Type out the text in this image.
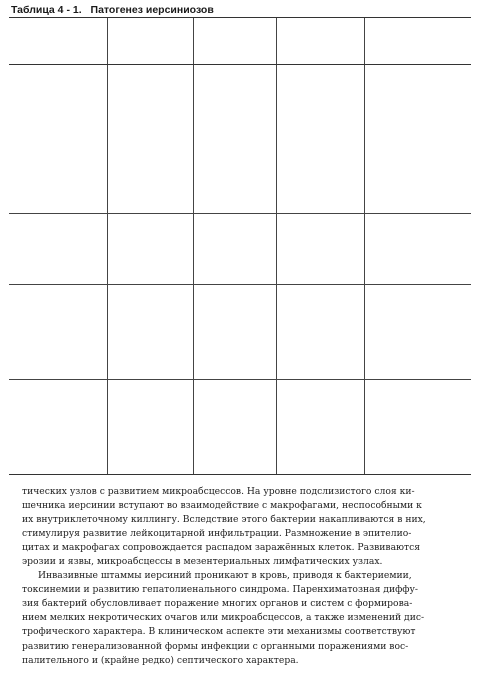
Таблица 4 - 1. Патогенез иерсиниозов

тических узлов с развитием микроабсцессов. На уровне подслизистого слоя ки-
шечника иерсинии вступают во взаимодействие с макрофагами, неспособными к
их внутриклеточному киллингу. Вследствие этого бактерии накапливаются в них,
стимулируя развитие лейкоцитарной инфильтрации. Размножение в эпителио-
цитах и макрофагах сопровождается распадом заражённых клеток. Развиваются
эрозии и язвы, микроабсцессы в мезентериальных лимфатических узлах.
Инвазивные штаммы иерсиний проникают в кровь, приводя к бактериемии,
токсинемии и развитию гепатолиенального синдрома. Паренхиматозная диффу-
зия бактерий обусловливает поражение многих органов и систем с формирова-
нием мелких некротических очагов или микроабсцессов, а также изменений дис-
трофического характера. В клиническом аспекте эти механизмы соответствуют
развитию генерализованной формы инфекции с органными поражениями вос-
палительного и (крайне редко) септического характера.
